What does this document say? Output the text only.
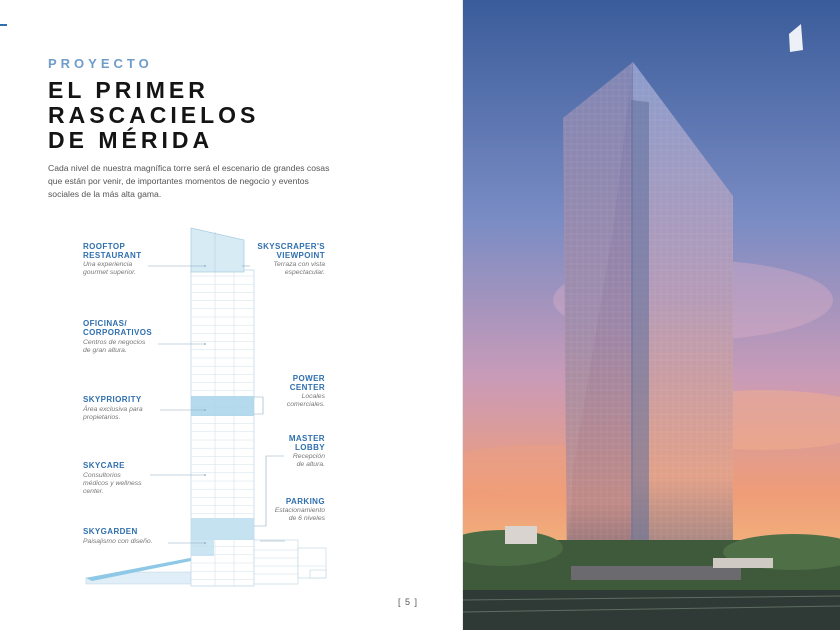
PROYECTO
EL PRIMER
RASCACIELOS
DE MÉRIDA
Cada nivel de nuestra magnífica torre será el escenario de grandes cosas
que están por venir, de importantes momentos de negocio y eventos
sociales de la más alta gama.
ROOFTOP
RESTAURANT
Una experiencia
gourmet superior.
OFICINAS/
CORPORATIVOS
Centros de negocios
de gran altura.
SKYPRIORITY
Área exclusiva para
propietarios.
SKYCARE
Consultorios
médicos y wellness
center.
SKYGARDEN
Paisajismo con diseño.
SKYSCRAPER'S
VIEWPOINT
Terraza con vista
espectacular.
POWER
CENTER
Locales
comerciales.
MASTER
LOBBY
Recepción
de altura.
PARKING
Estacionamiento
de 6 niveles
[ 5 ]
